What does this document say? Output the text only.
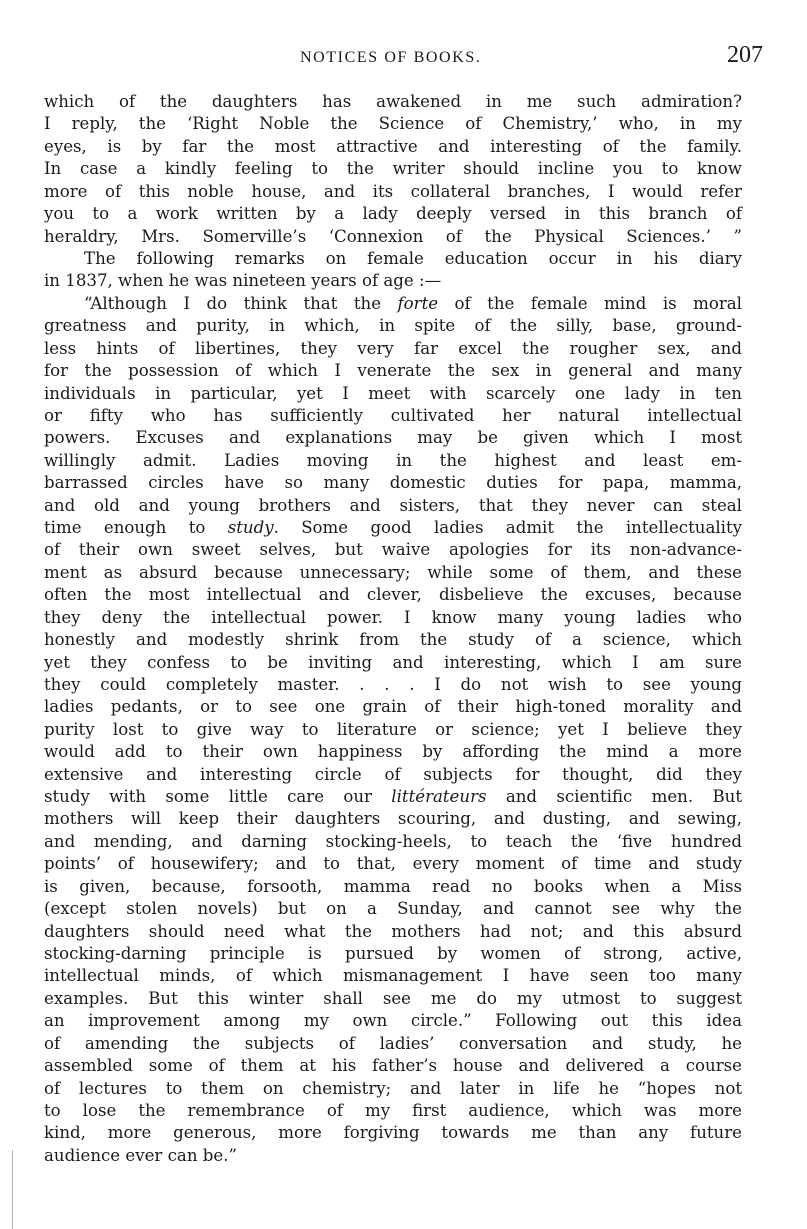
NOTICES OF BOOKS.	207
which of the daughters has awakened in me such admiration?
I reply, the ‘Right Noble the Science of Chemistry,’ who, in my
eyes, is by far the most attractive and interesting of the family.
In case a kindly feeling to the writer should incline you to know
more of this noble house, and its collateral branches, I would refer
you to a work written by a lady deeply versed in this branch of
heraldry, Mrs. Somerville’s ‘Connexion of the Physical Sciences.’ ”
The following remarks on female education occur in his diary
in 1837, when he was nineteen years of age :—
“Although I do think that the forte of the female mind is moral
greatness and purity, in which, in spite of the silly, base, ground-
less hints of libertines, they very far excel the rougher sex, and
for the possession of which I venerate the sex in general and many
individuals in particular, yet I meet with scarcely one lady in ten
or fifty who has sufficiently cultivated her natural intellectual
powers. Excuses and explanations may be given which I most
willingly admit. Ladies moving in the highest and least em-
barrassed circles have so many domestic duties for papa, mamma,
and old and young brothers and sisters, that they never can steal
time enough to study. Some good ladies admit the intellectuality
of their own sweet selves, but waive apologies for its non-advance-
ment as absurd because unnecessary; while some of them, and these
often the most intellectual and clever, disbelieve the excuses, because
they deny the intellectual power. I know many young ladies who
honestly and modestly shrink from the study of a science, which
yet they confess to be inviting and interesting, which I am sure
they could completely master. . . . I do not wish to see young
ladies pedants, or to see one grain of their high-toned morality and
purity lost to give way to literature or science; yet I believe they
would add to their own happiness by affording the mind a more
extensive and interesting circle of subjects for thought, did they
study with some little care our littérateurs and scientific men. But
mothers will keep their daughters scouring, and dusting, and sewing,
and mending, and darning stocking-heels, to teach the ‘five hundred
points’ of housewifery; and to that, every moment of time and study
is given, because, forsooth, mamma read no books when a Miss
(except stolen novels) but on a Sunday, and cannot see why the
daughters should need what the mothers had not; and this absurd
stocking-darning principle is pursued by women of strong, active,
intellectual minds, of which mismanagement I have seen too many
examples. But this winter shall see me do my utmost to suggest
an improvement among my own circle.” Following out this idea
of amending the subjects of ladies’ conversation and study, he
assembled some of them at his father’s house and delivered a course
of lectures to them on chemistry; and later in life he “hopes not
to lose the remembrance of my first audience, which was more
kind, more generous, more forgiving towards me than any future
audience ever can be.”
